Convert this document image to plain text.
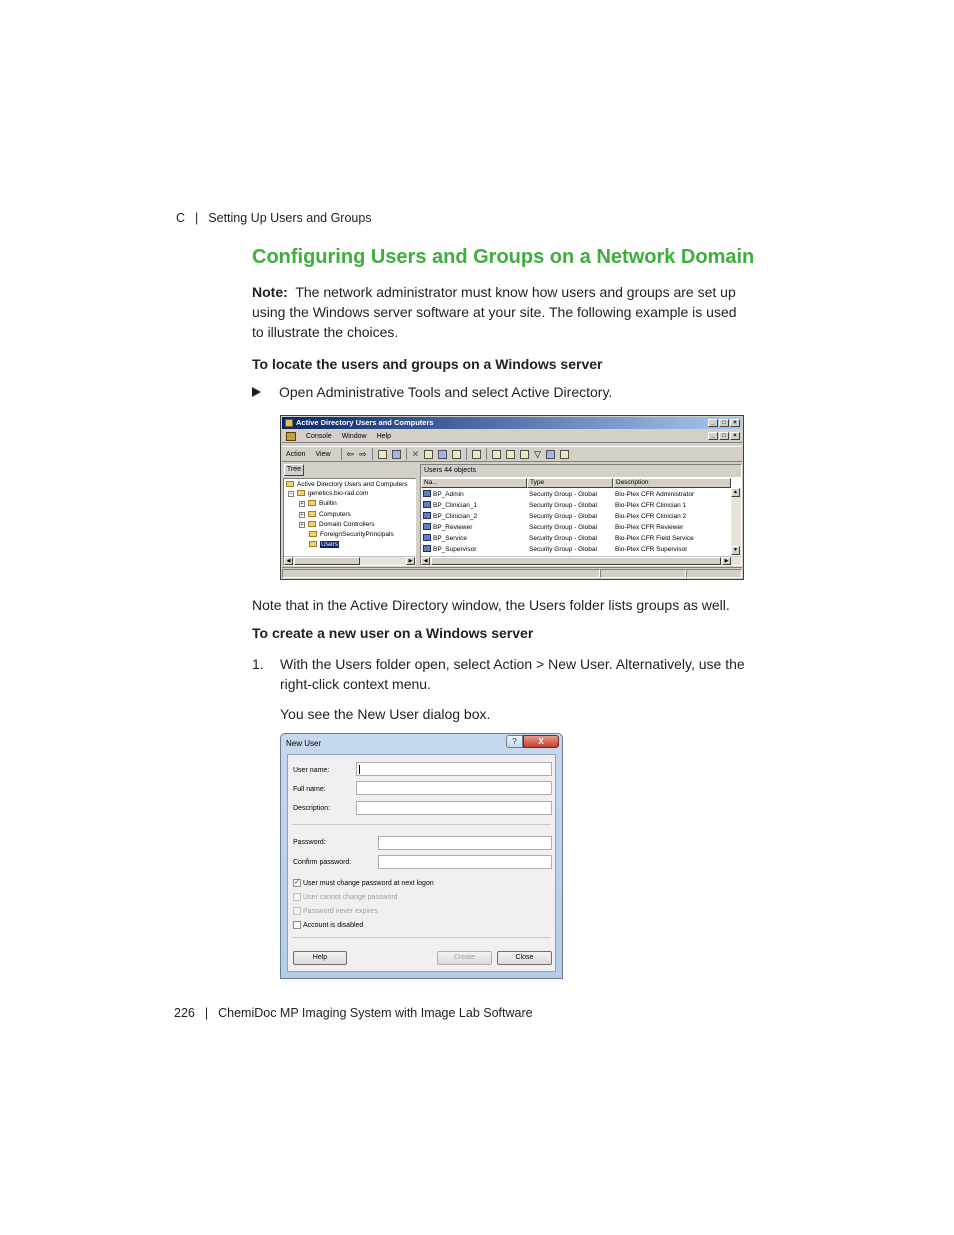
C | Setting Up Users and Groups
Configuring Users and Groups on a Network Domain
Note: The network administrator must know how users and groups are set up using the Windows server software at your site. The following example is used to illustrate the choices.
To locate the users and groups on a Windows server
Open Administrative Tools and select Active Directory.
Active Directory Users and Computers	_	□	×
Console Window Help	_	□	×
Action View ⇦ ⇨	✕	▽
Tree
Active Directory Users and Computers
− genetics.bio-rad.com
+ Builtin
+ Computers
+ Domain Controllers
ForeignSecurityPrincipals
Users
◀	▶
Users 44 objects
Na...	Type	Description
BP_Admin	Security Group - Global	Bio-Plex CFR Administrator
BP_Clinician_1	Security Group - Global	Bio-Plex CFR Clinician 1
BP_Clinician_2	Security Group - Global	Bio-Plex CFR Clinician 2
BP_Reviewer	Security Group - Global	Bio-Plex CFR Reviewer
BP_Service	Security Group - Global	Bio-Plex CFR Field Service
BP_Supervisor	Security Group - Global	Bio-Plex CFR Supervisor
▲
▼
◀	▶
Note that in the Active Directory window, the Users folder lists groups as well.
To create a new user on a Windows server
1. With the Users folder open, select Action > New User. Alternatively, use the right-click context menu.
You see the New User dialog box.
New User	?	X
User name:
Full name:
Description:
Password:
Confirm password:
✓ User must change password at next logon
User cannot change password
Password never expires
Account is disabled
Help	Create	Close
226 | ChemiDoc MP Imaging System with Image Lab Software
